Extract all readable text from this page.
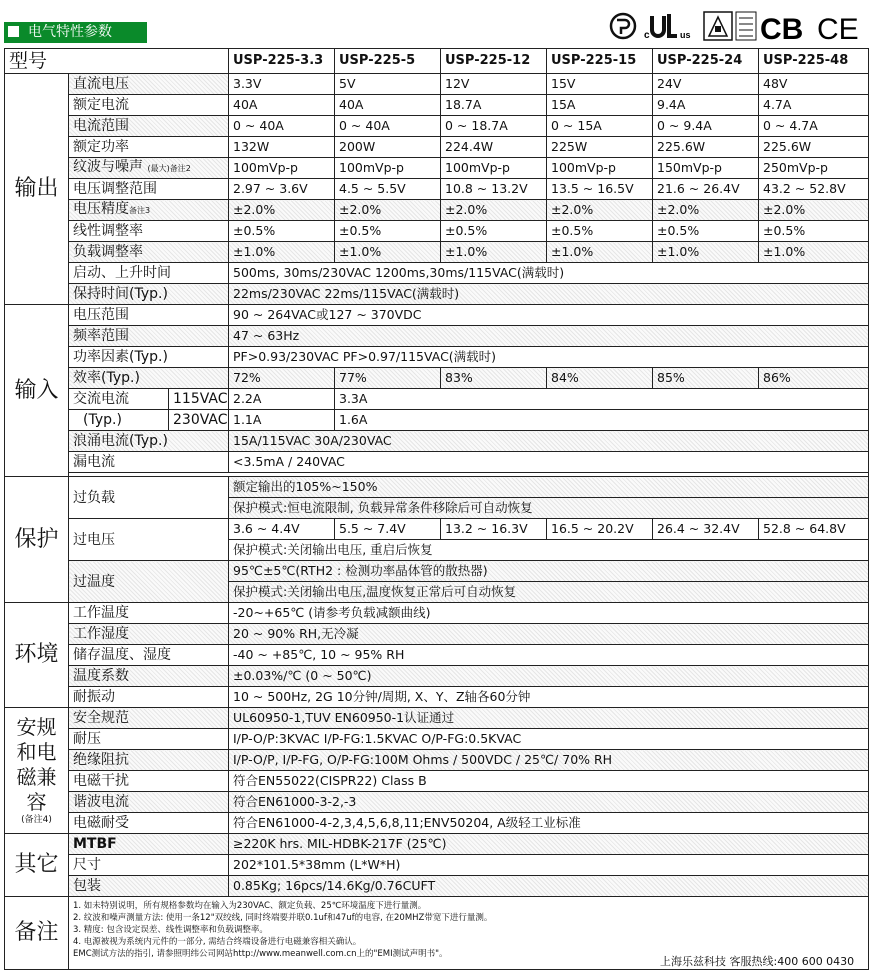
电气特性参数	c	us CB CE
型号			USP-225-3.3	USP-225-5	USP-225-12	USP-225-15	USP-225-24	USP-225-48
输出	直流电压		3.3V	5V	12V	15V	24V	48V
	额定电流		40A	40A	18.7A	15A	9.4A	4.7A
	电流范围		0 ~ 40A	0 ~ 40A	0 ~ 18.7A	0 ~ 15A	0 ~ 9.4A	0 ~ 4.7A
	额定功率		132W	200W	224.4W	225W	225.6W	225.6W
	纹波与噪声 (最大)备注2		100mVp-p	100mVp-p	100mVp-p	100mVp-p	150mVp-p	250mVp-p
	电压调整范围		2.97 ~ 3.6V	4.5 ~ 5.5V	10.8 ~ 13.2V	13.5 ~ 16.5V	21.6 ~ 26.4V	43.2 ~ 52.8V
	电压精度备注3		±2.0%	±2.0%	±2.0%	±2.0%	±2.0%	±2.0%
	线性调整率		±0.5%	±0.5%	±0.5%	±0.5%	±0.5%	±0.5%
	负载调整率		±1.0%	±1.0%	±1.0%	±1.0%	±1.0%	±1.0%
	启动、上升时间		500ms, 30ms/230VAC 1200ms,30ms/115VAC(满载时)					
	保持时间(Typ.)		22ms/230VAC 22ms/115VAC(满载时)					
输入	电压范围		90 ~ 264VAC或127 ~ 370VDC					
	频率范围		47 ~ 63Hz					
	功率因素(Typ.)		PF>0.93/230VAC PF>0.97/115VAC(满载时)					
	效率(Typ.)		72%	77%	83%	84%	85%	86%
	交流电流	115VAC	2.2A	3.3A				
	(Typ.)	230VAC	1.1A	1.6A				
	浪涌电流(Typ.)		15A/115VAC 30A/230VAC					
	漏电流		<3.5mA / 240VAC					

保护	过负载		额定输出的105%~150%					
			保护模式:恒电流限制, 负载异常条件移除后可自动恢复					
	过电压		3.6 ~ 4.4V	5.5 ~ 7.4V	13.2 ~ 16.3V	16.5 ~ 20.2V	26.4 ~ 32.4V	52.8 ~ 64.8V
			保护模式:关闭输出电压, 重启后恢复					
	过温度		95℃±5℃(RTH2 : 检测功率晶体管的散热器)					
			保护模式:关闭输出电压,温度恢复正常后可自动恢复					
环境	工作温度		-20~+65℃ (请参考负载减额曲线)					
	工作湿度		20 ~ 90% RH,无冷凝					
	储存温度、湿度		-40 ~ +85℃, 10 ~ 95% RH					
	温度系数		±0.03%/℃ (0 ~ 50℃)					
	耐振动		10 ~ 500Hz, 2G 10分钟/周期, X、Y、Z轴各60分钟					
安规和电磁兼容
(备注4)	安全规范		UL60950-1,TUV EN60950-1认证通过					
	耐压		I/P-O/P:3KVAC I/P-FG:1.5KVAC O/P-FG:0.5KVAC					
	绝缘阻抗		I/P-O/P, I/P-FG, O/P-FG:100M Ohms / 500VDC / 25℃/ 70% RH					
	电磁干扰		符合EN55022(CISPR22) Class B					
	谐波电流		符合EN61000-3-2,-3					
	电磁耐受		符合EN61000-4-2,3,4,5,6,8,11;ENV50204, A级轻工业标准					
其它	MTBF		≥220K hrs. MIL-HDBK-217F (25℃)					
	尺寸		202*101.5*38mm (L*W*H)					
	包装		0.85Kg; 16pcs/14.6Kg/0.76CUFT					
备注	1. 如未特别说明，所有规格参数均在输入为230VAC、额定负载、25℃环境温度下进行量测。
2. 纹波和噪声测量方法: 使用一条12"双绞线, 同时终端要并联0.1uf和47uf的电容, 在20MHZ带宽下进行量测。
3. 精度: 包含设定误差、线性调整率和负载调整率。
4. 电源被视为系统内元件的一部分, 需结合终端设备进行电磁兼容相关确认。
EMC测试方法的指引, 请参照明纬公司网站http://www.meanwell.com.cn上的"EMI测试声明书"。							
上海乐兹科技 客服热线:400 600 0430
